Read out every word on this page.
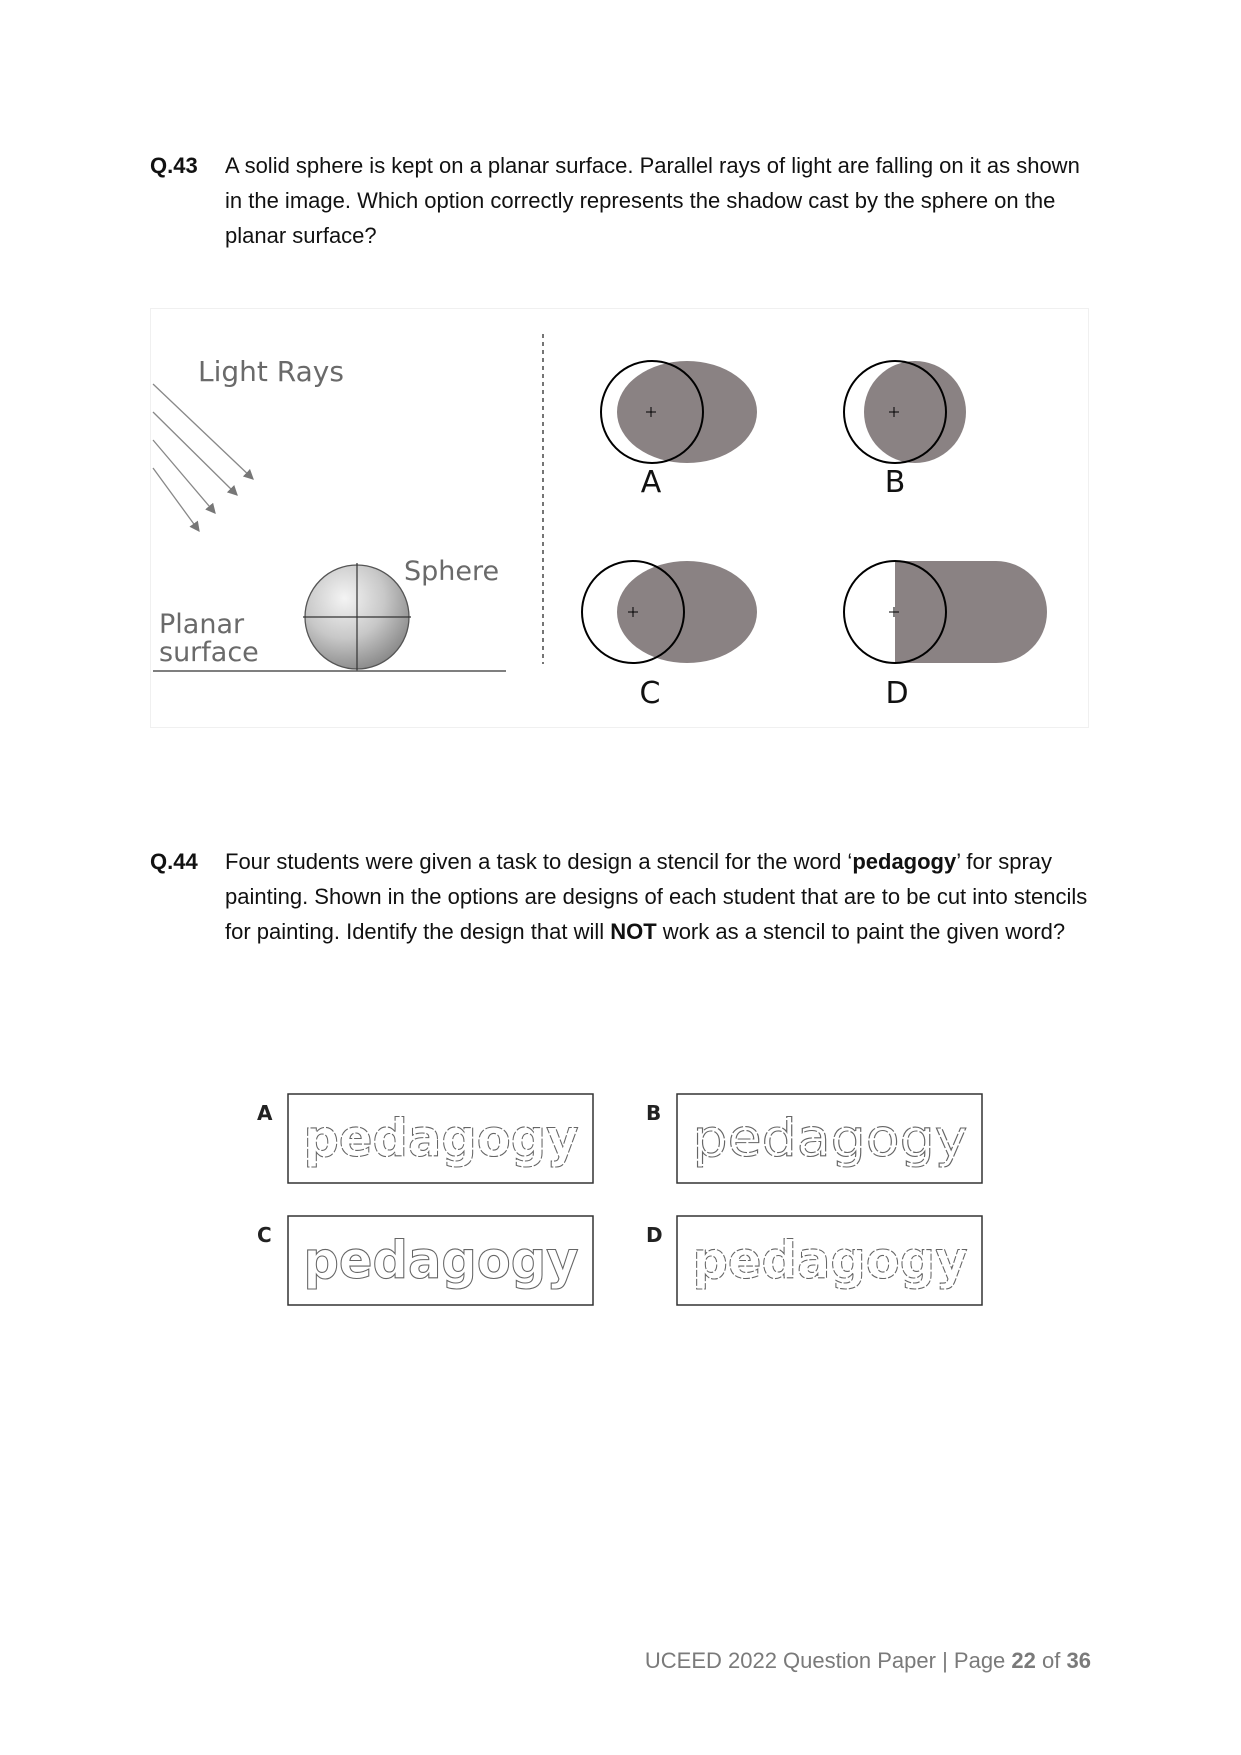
Q.43 A solid sphere is kept on a planar surface. Parallel rays of light are falling on it as shown in the image. Which option correctly represents the shadow cast by the sphere on the planar surface?
Light Rays
Sphere
Planar
surface
A	B
C	D
Q.44 Four students were given a task to design a stencil for the word ‘pedagogy’ for spray painting. Shown in the options are designs of each student that are to be cut into stencils for painting. Identify the design that will NOT work as a stencil to paint the given word?
A pedagogy	B pedagogy
C pedagogy	D pedagogy
UCEED 2022 Question Paper | Page 22 of 36
